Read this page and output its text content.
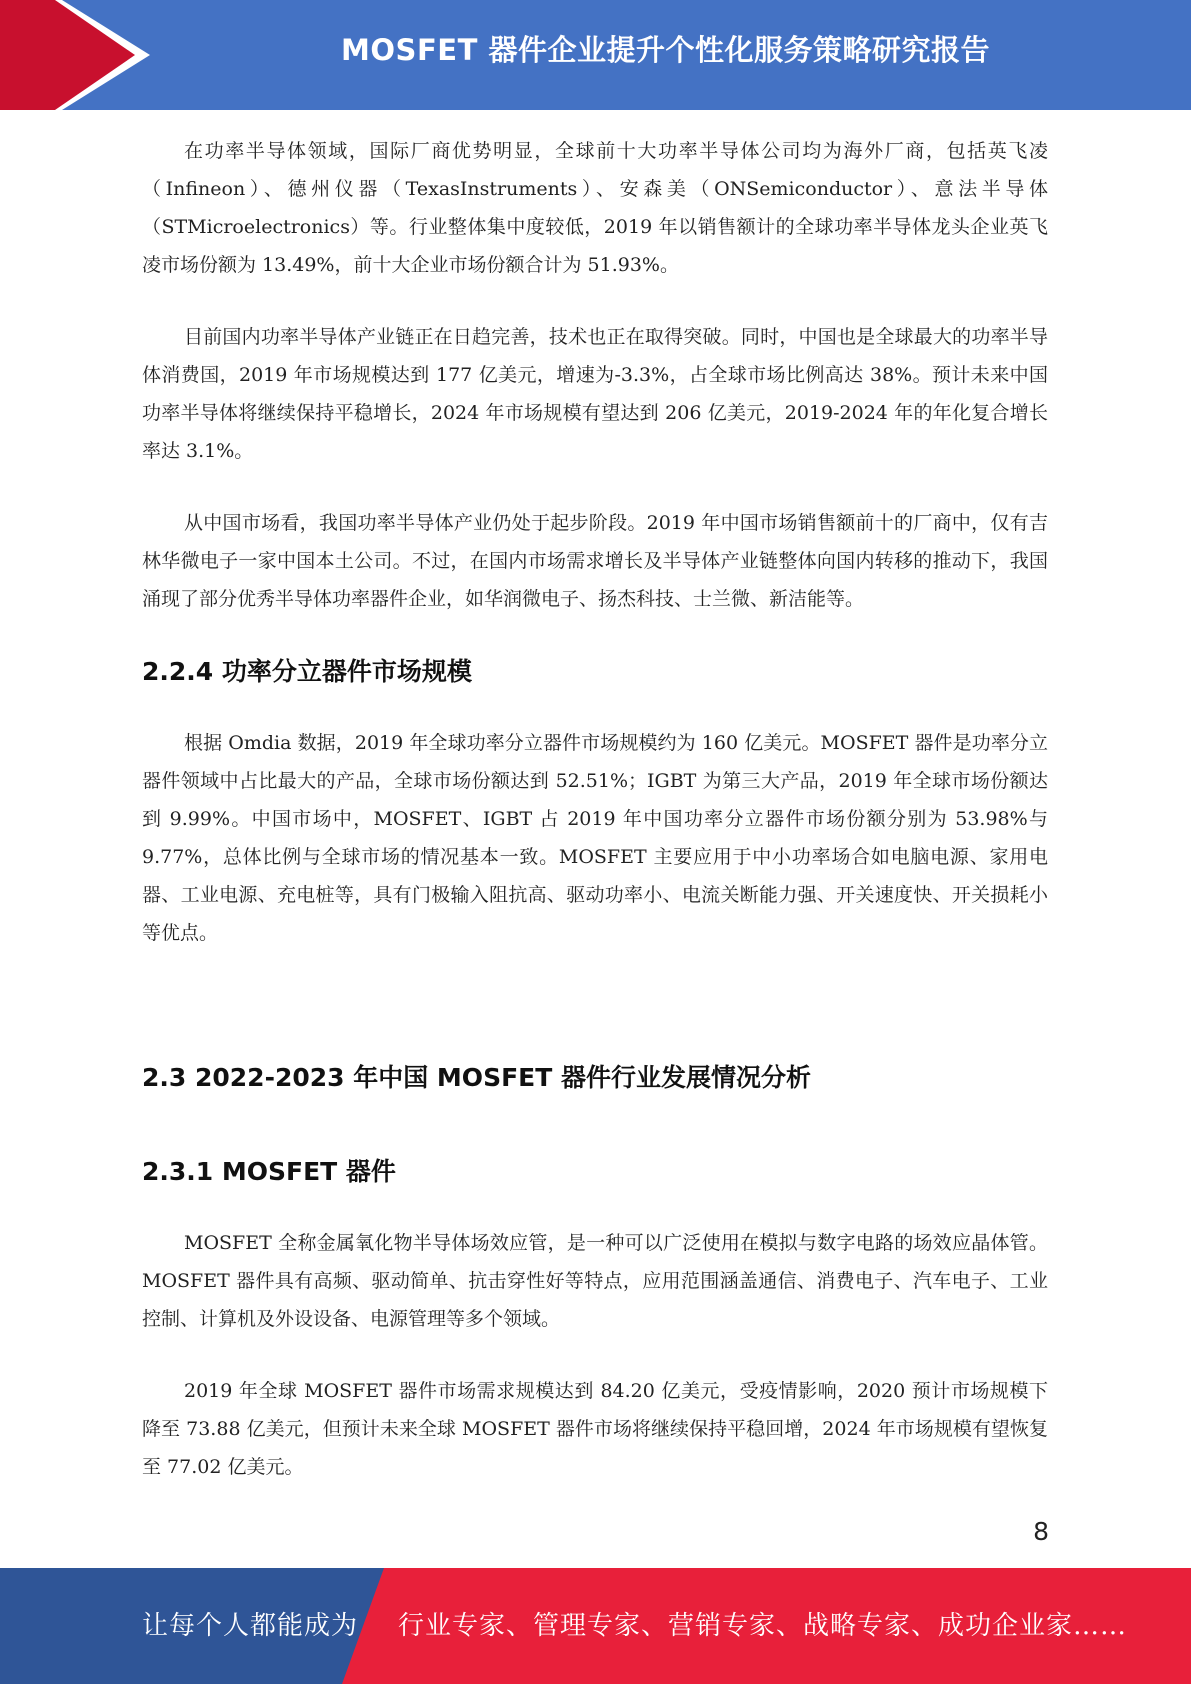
MOSFET 器件企业提升个性化服务策略研究报告

在功率半导体领域，国际厂商优势明显，全球前十大功率半导体公司均为海外厂商，包括英飞凌（Infineon）、德州仪器（TexasInstruments）、安森美（ONSemiconductor）、意法半导体（STMicroelectronics）等。行业整体集中度较低，2019 年以销售额计的全球功率半导体龙头企业英飞凌市场份额为 13.49%，前十大企业市场份额合计为 51.93%。

目前国内功率半导体产业链正在日趋完善，技术也正在取得突破。同时，中国也是全球最大的功率半导体消费国，2019 年市场规模达到 177 亿美元，增速为-3.3%，占全球市场比例高达 38%。预计未来中国功率半导体将继续保持平稳增长，2024 年市场规模有望达到 206 亿美元，2019-2024 年的年化复合增长率达 3.1%。

从中国市场看，我国功率半导体产业仍处于起步阶段。2019 年中国市场销售额前十的厂商中，仅有吉林华微电子一家中国本土公司。不过，在国内市场需求增长及半导体产业链整体向国内转移的推动下，我国涌现了部分优秀半导体功率器件企业，如华润微电子、扬杰科技、士兰微、新洁能等。

2.2.4 功率分立器件市场规模

根据 Omdia 数据，2019 年全球功率分立器件市场规模约为 160 亿美元。MOSFET 器件是功率分立器件领域中占比最大的产品，全球市场份额达到 52.51%；IGBT 为第三大产品，2019 年全球市场份额达到 9.99%。中国市场中，MOSFET、IGBT 占 2019 年中国功率分立器件市场份额分别为 53.98%与 9.77%，总体比例与全球市场的情况基本一致。MOSFET 主要应用于中小功率场合如电脑电源、家用电器、工业电源、充电桩等，具有门极输入阻抗高、驱动功率小、电流关断能力强、开关速度快、开关损耗小等优点。

2.3 2022-2023 年中国 MOSFET 器件行业发展情况分析
2.3.1 MOSFET 器件

MOSFET 全称金属氧化物半导体场效应管，是一种可以广泛使用在模拟与数字电路的场效应晶体管。MOSFET 器件具有高频、驱动简单、抗击穿性好等特点，应用范围涵盖通信、消费电子、汽车电子、工业控制、计算机及外设设备、电源管理等多个领域。

2019 年全球 MOSFET 器件市场需求规模达到 84.20 亿美元，受疫情影响，2020 预计市场规模下降至 73.88 亿美元，但预计未来全球 MOSFET 器件市场将继续保持平稳回增，2024 年市场规模有望恢复至 77.02 亿美元。

8
让每个人都能成为 行业专家、管理专家、营销专家、战略专家、成功企业家……
